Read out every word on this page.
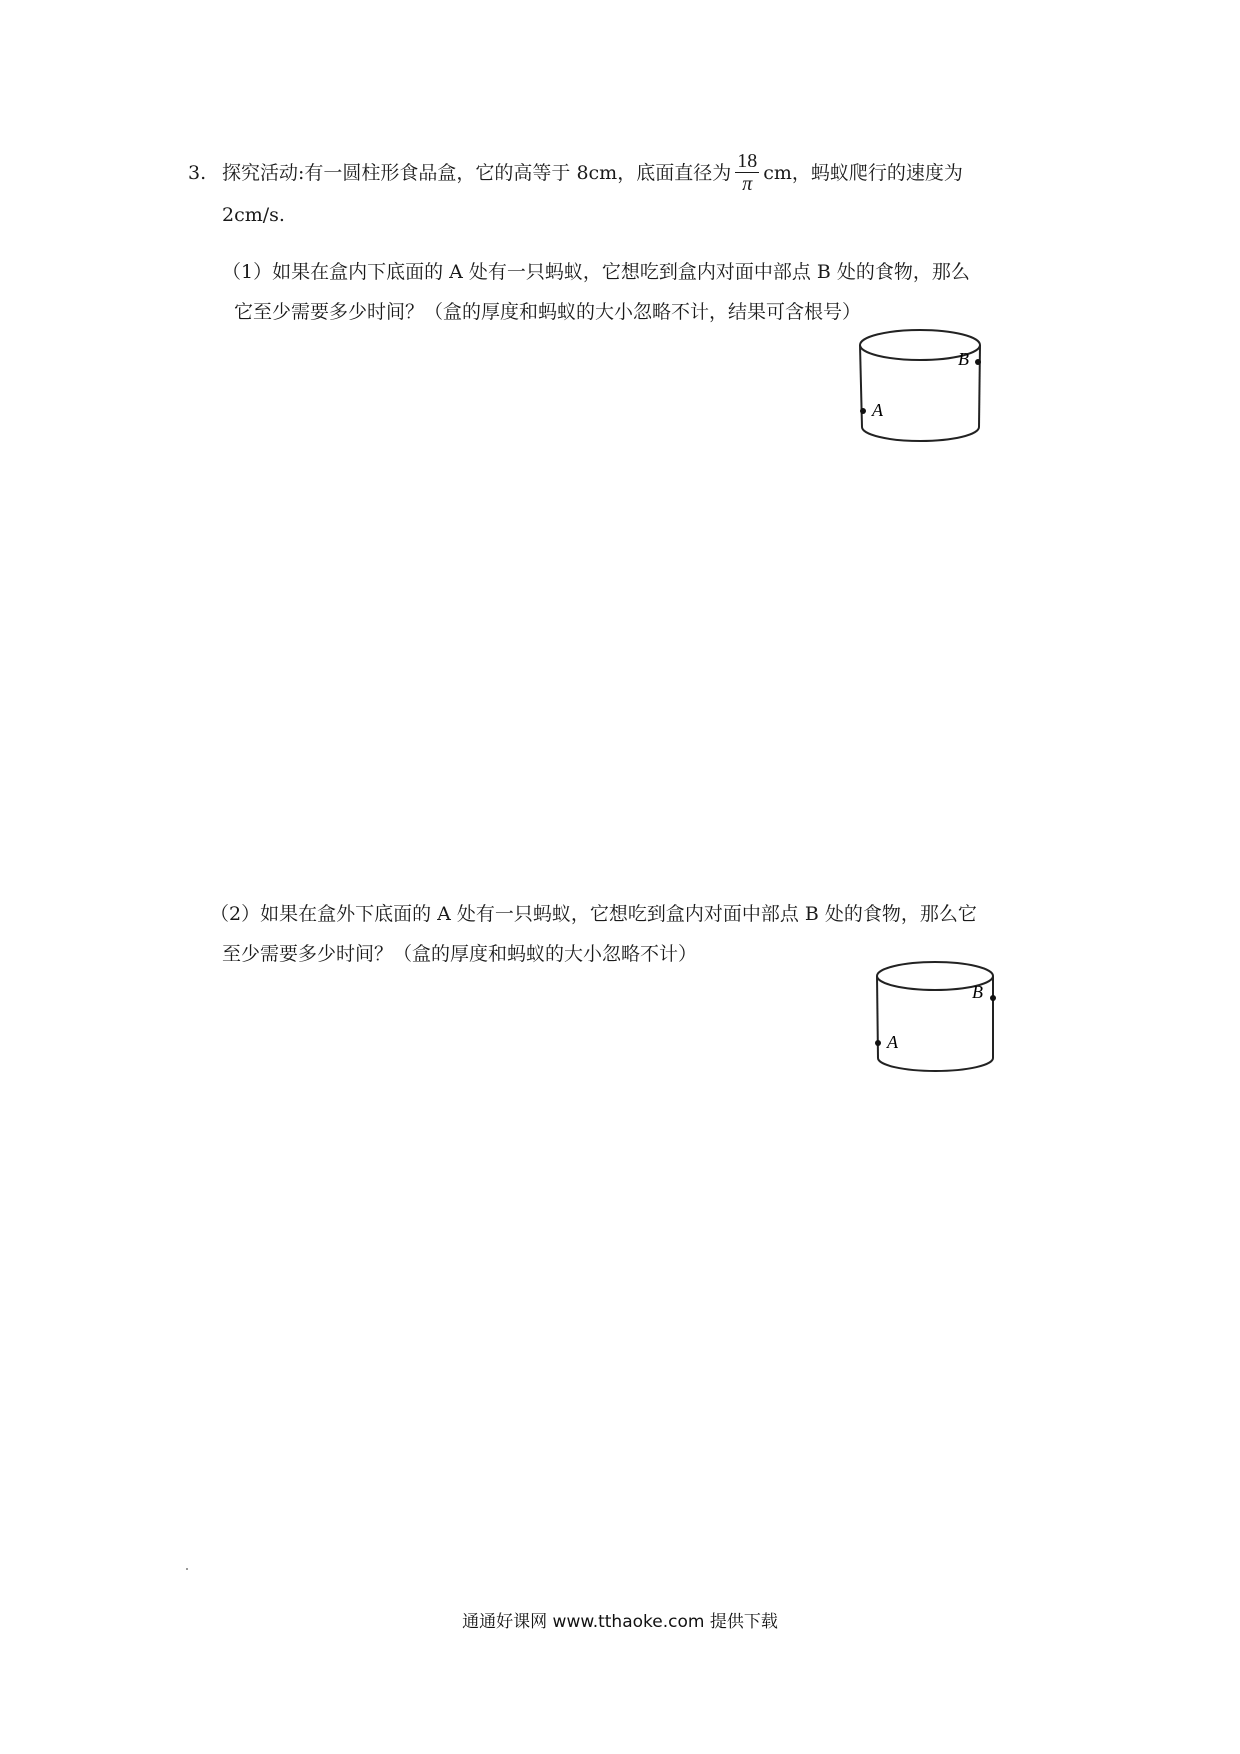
3. 探究活动:有一圆柱形食品盒，它的高等于 8cm，底面直径为 $\frac{18}{\pi}$ cm，蚂蚁爬行的速度为
2cm/s.
（1）如果在盒内下底面的 A 处有一只蚂蚁，它想吃到盒内对面中部点 B 处的食物，那么
它至少需要多少时间？（盒的厚度和蚂蚁的大小忽略不计，结果可含根号）
A
B
（2）如果在盒外下底面的 A 处有一只蚂蚁，它想吃到盒内对面中部点 B 处的食物，那么它
至少需要多少时间？（盒的厚度和蚂蚁的大小忽略不计）
A
B
通通好课网 www.tthaoke.com 提供下载
